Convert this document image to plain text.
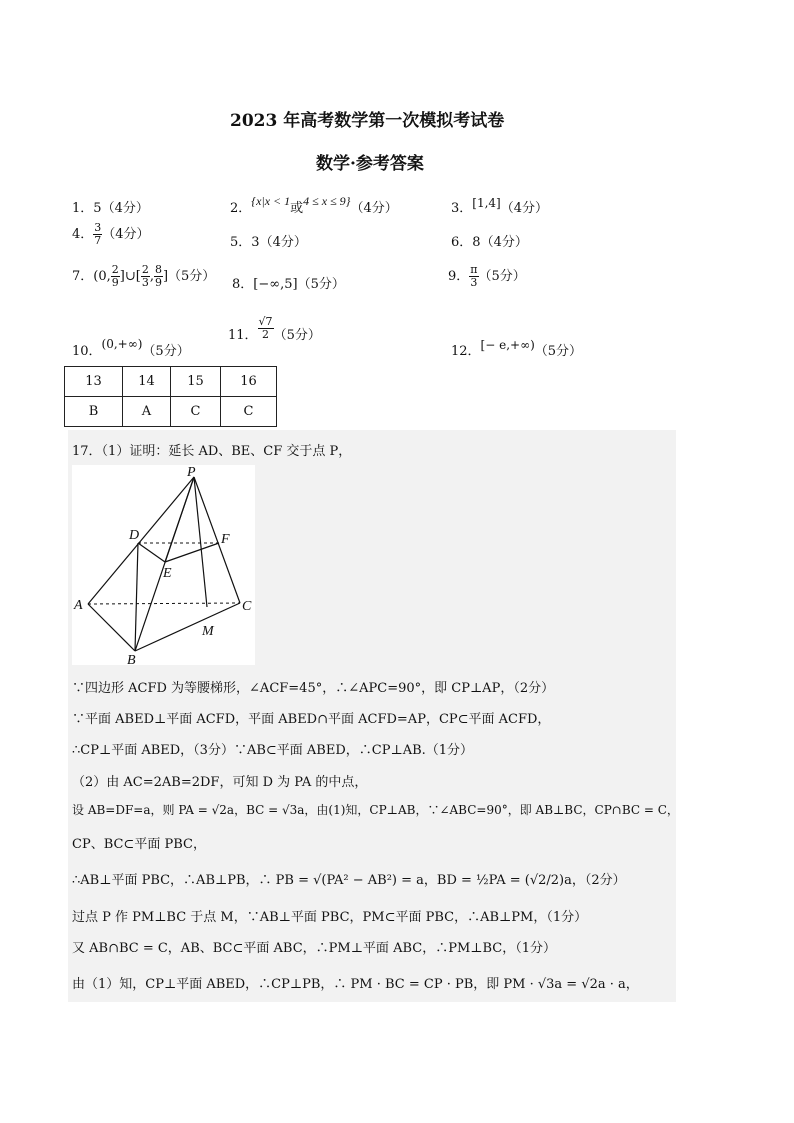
2023 年高考数学第一次模拟考试卷
数学·参考答案
1．5（4分）	2．{x|x < 1或4 ≤ x ≤ 9}（4分）	3．[1,4]（4分）
4． $\frac{3}{7} (4$分）
5．3（4分）	6．8（4分）
7．(0, $\frac{2}{9}$ ]∪[ $\frac{2}{3}$ , $\frac{8}{9} ](5$分）
8．[−∞,5]（5分）
9． $\frac{\pi}{3} (5$分）
10．(0,+∞)（5分）
11． $\frac{√7}{2} (5$分）
12．[− e,+∞)（5分）
13	14	15	16
B	A	C	C
17．（1）证明：延长 AD、BE、CF 交于点 P，
P
D	F
E
A	C
M
B
∵四边形 ACFD 为等腰梯形，∠ACF=45°，∴∠APC=90°，即 CP⊥AP，（2分）
∵平面 ABED⊥平面 ACFD，平面 ABED∩平面 ACFD=AP，CP⊂平面 ACFD，
∴CP⊥平面 ABED，（3分）∵AB⊂平面 ABED，∴CP⊥AB.（1分）
（2）由 AC=2AB=2DF，可知 D 为 PA 的中点，
设 AB=DF=a，则 PA = √2a，BC = √3a，由(1)知，CP⊥AB，∵∠ABC=90°，即 AB⊥BC，CP∩BC = C，
CP、BC⊂平面 PBC，
∴AB⊥平面 PBC，∴AB⊥PB，∴ PB = √(PA² − AB²) = a，BD = ½PA = (√2/2)a，（2分）
过点 P 作 PM⊥BC 于点 M，∵AB⊥平面 PBC，PM⊂平面 PBC，∴AB⊥PM，（1分）
又 AB∩BC = C，AB、BC⊂平面 ABC，∴PM⊥平面 ABC，∴PM⊥BC，（1分）
由（1）知，CP⊥平面 ABED，∴CP⊥PB，∴ PM · BC = CP · PB，即 PM · √3a = √2a · a，
